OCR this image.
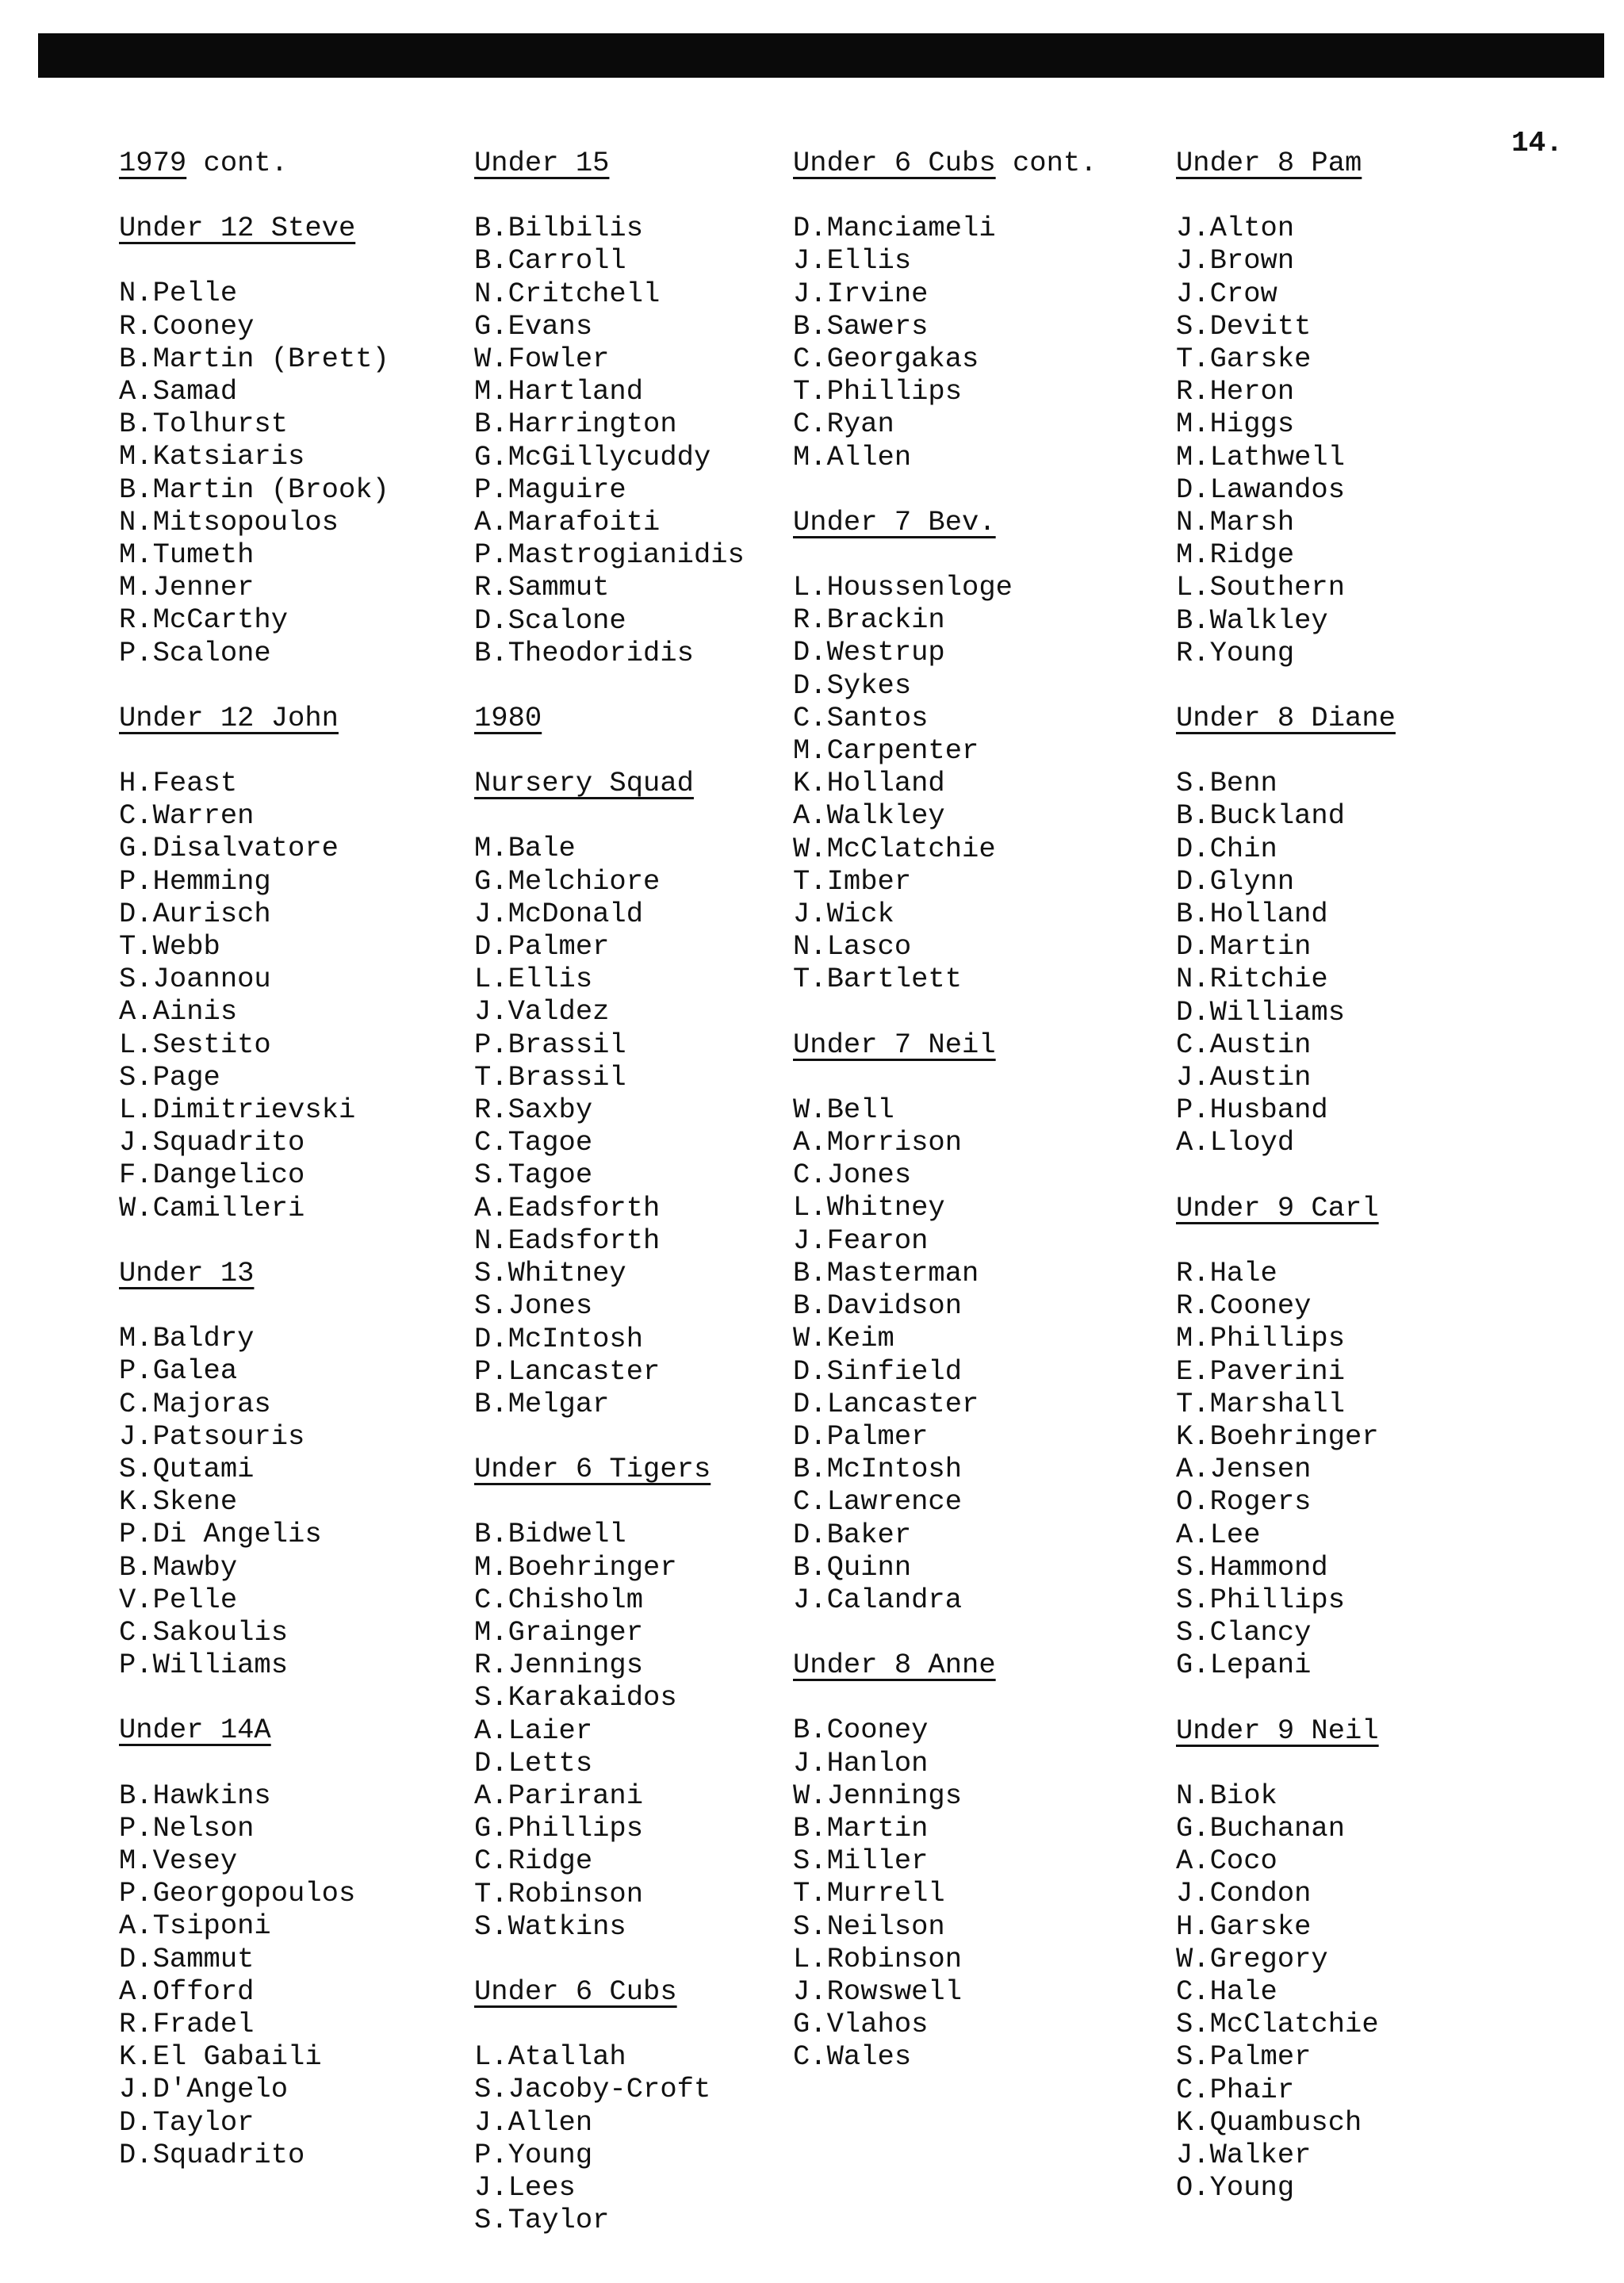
14.
1979 cont.
Under 12 Steve
N.Pelle
R.Cooney
B.Martin (Brett)
A.Samad
B.Tolhurst
M.Katsiaris
B.Martin (Brook)
N.Mitsopoulos
M.Tumeth
M.Jenner
R.McCarthy
P.Scalone
Under 12 John
H.Feast
C.Warren
G.Disalvatore
P.Hemming
D.Aurisch
T.Webb
S.Joannou
A.Ainis
L.Sestito
S.Page
L.Dimitrievski
J.Squadrito
F.Dangelico
W.Camilleri
Under 13
M.Baldry
P.Galea
C.Majoras
J.Patsouris
S.Qutami
K.Skene
P.Di Angelis
B.Mawby
V.Pelle
C.Sakoulis
P.Williams
Under 14A
B.Hawkins
P.Nelson
M.Vesey
P.Georgopoulos
A.Tsiponi
D.Sammut
A.Offord
R.Fradel
K.El Gabaili
J.D'Angelo
D.Taylor
D.Squadrito
Under 15
B.Bilbilis
B.Carroll
N.Critchell
G.Evans
W.Fowler
M.Hartland
B.Harrington
G.McGillycuddy
P.Maguire
A.Marafoiti
P.Mastrogianidis
R.Sammut
D.Scalone
B.Theodoridis
1980
Nursery Squad
M.Bale
G.Melchiore
J.McDonald
D.Palmer
L.Ellis
J.Valdez
P.Brassil
T.Brassil
R.Saxby
C.Tagoe
S.Tagoe
A.Eadsforth
N.Eadsforth
S.Whitney
S.Jones
D.McIntosh
P.Lancaster
B.Melgar
Under 6 Tigers
B.Bidwell
M.Boehringer
C.Chisholm
M.Grainger
R.Jennings
S.Karakaidos
A.Laier
D.Letts
A.Parirani
G.Phillips
C.Ridge
T.Robinson
S.Watkins
Under 6 Cubs
L.Atallah
S.Jacoby-Croft
J.Allen
P.Young
J.Lees
S.Taylor
Under 6 Cubs cont.
D.Manciameli
J.Ellis
J.Irvine
B.Sawers
C.Georgakas
T.Phillips
C.Ryan
M.Allen
Under 7 Bev.
L.Houssenloge
R.Brackin
D.Westrup
D.Sykes
C.Santos
M.Carpenter
K.Holland
A.Walkley
W.McClatchie
T.Imber
J.Wick
N.Lasco
T.Bartlett
Under 7 Neil
W.Bell
A.Morrison
C.Jones
L.Whitney
J.Fearon
B.Masterman
B.Davidson
W.Keim
D.Sinfield
D.Lancaster
D.Palmer
B.McIntosh
C.Lawrence
D.Baker
B.Quinn
J.Calandra
Under 8 Anne
B.Cooney
J.Hanlon
W.Jennings
B.Martin
S.Miller
T.Murrell
S.Neilson
L.Robinson
J.Rowswell
G.Vlahos
C.Wales
Under 8 Pam
J.Alton
J.Brown
J.Crow
S.Devitt
T.Garske
R.Heron
M.Higgs
M.Lathwell
D.Lawandos
N.Marsh
M.Ridge
L.Southern
B.Walkley
R.Young
Under 8 Diane
S.Benn
B.Buckland
D.Chin
D.Glynn
B.Holland
D.Martin
N.Ritchie
D.Williams
C.Austin
J.Austin
P.Husband
A.Lloyd
Under 9 Carl
R.Hale
R.Cooney
M.Phillips
E.Paverini
T.Marshall
K.Boehringer
A.Jensen
O.Rogers
A.Lee
S.Hammond
S.Phillips
S.Clancy
G.Lepani
Under 9 Neil
N.Biok
G.Buchanan
A.Coco
J.Condon
H.Garske
W.Gregory
C.Hale
S.McClatchie
S.Palmer
C.Phair
K.Quambusch
J.Walker
O.Young
